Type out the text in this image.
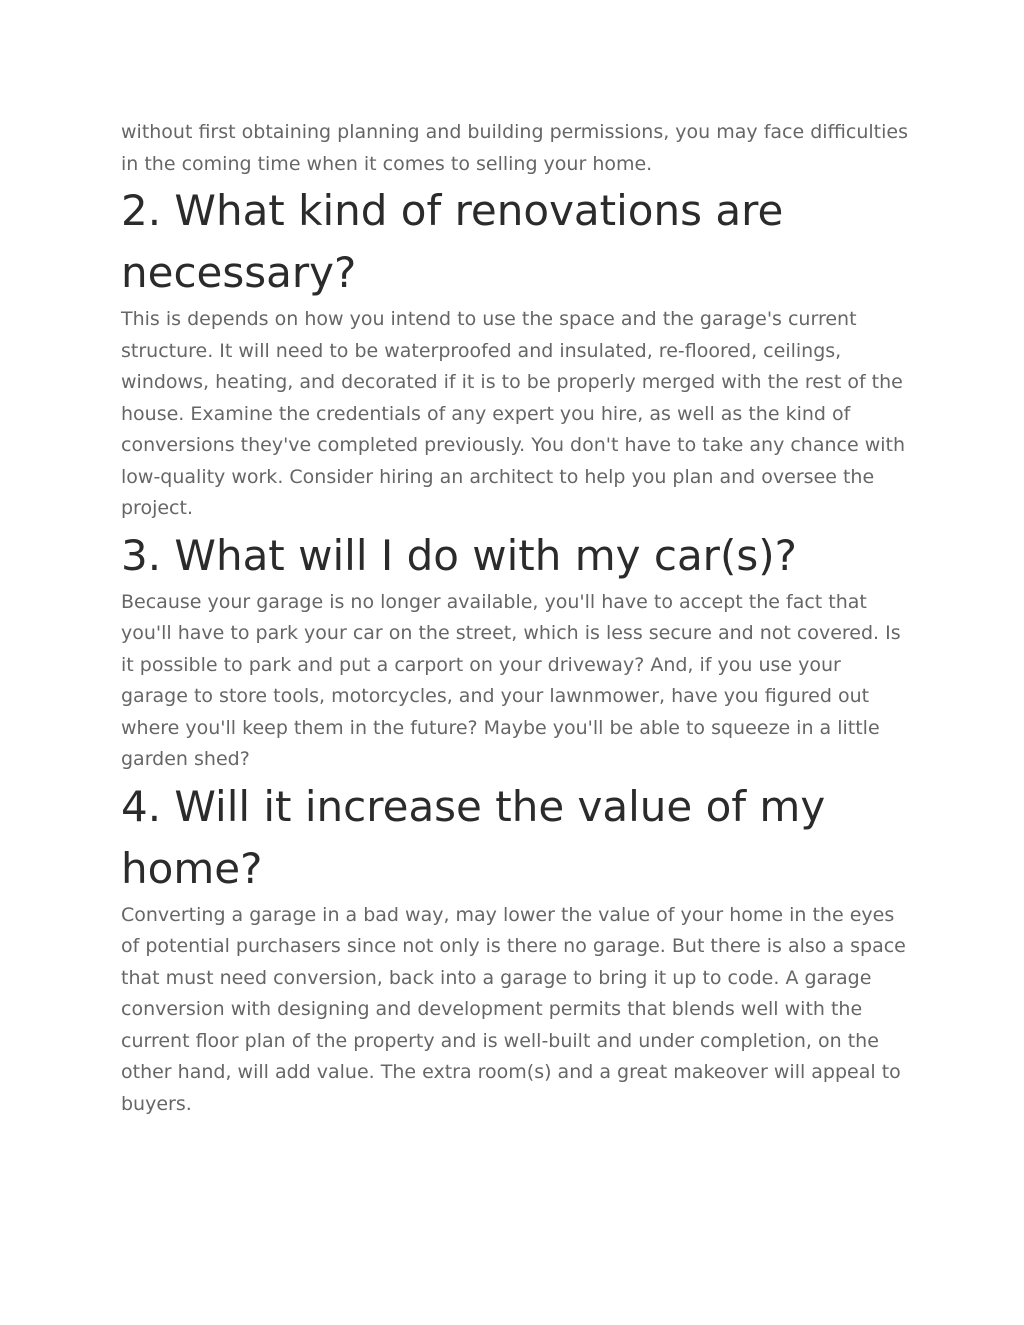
without first obtaining planning and building permissions, you may face difficulties in the coming time when it comes to selling your home.

2. What kind of renovations are necessary?

This is depends on how you intend to use the space and the garage's current structure. It will need to be waterproofed and insulated, re-floored, ceilings, windows, heating, and decorated if it is to be properly merged with the rest of the house. Examine the credentials of any expert you hire, as well as the kind of conversions they've completed previously. You don't have to take any chance with low-quality work. Consider hiring an architect to help you plan and oversee the project.

3. What will I do with my car(s)?

Because your garage is no longer available, you'll have to accept the fact that you'll have to park your car on the street, which is less secure and not covered. Is it possible to park and put a carport on your driveway? And, if you use your garage to store tools, motorcycles, and your lawnmower, have you figured out where you'll keep them in the future? Maybe you'll be able to squeeze in a little garden shed?

4. Will it increase the value of my home?

Converting a garage in a bad way, may lower the value of your home in the eyes of potential purchasers since not only is there no garage. But there is also a space that must need conversion, back into a garage to bring it up to code. A garage conversion with designing and development permits that blends well with the current floor plan of the property and is well-built and under completion, on the other hand, will add value. The extra room(s) and a great makeover will appeal to buyers.
